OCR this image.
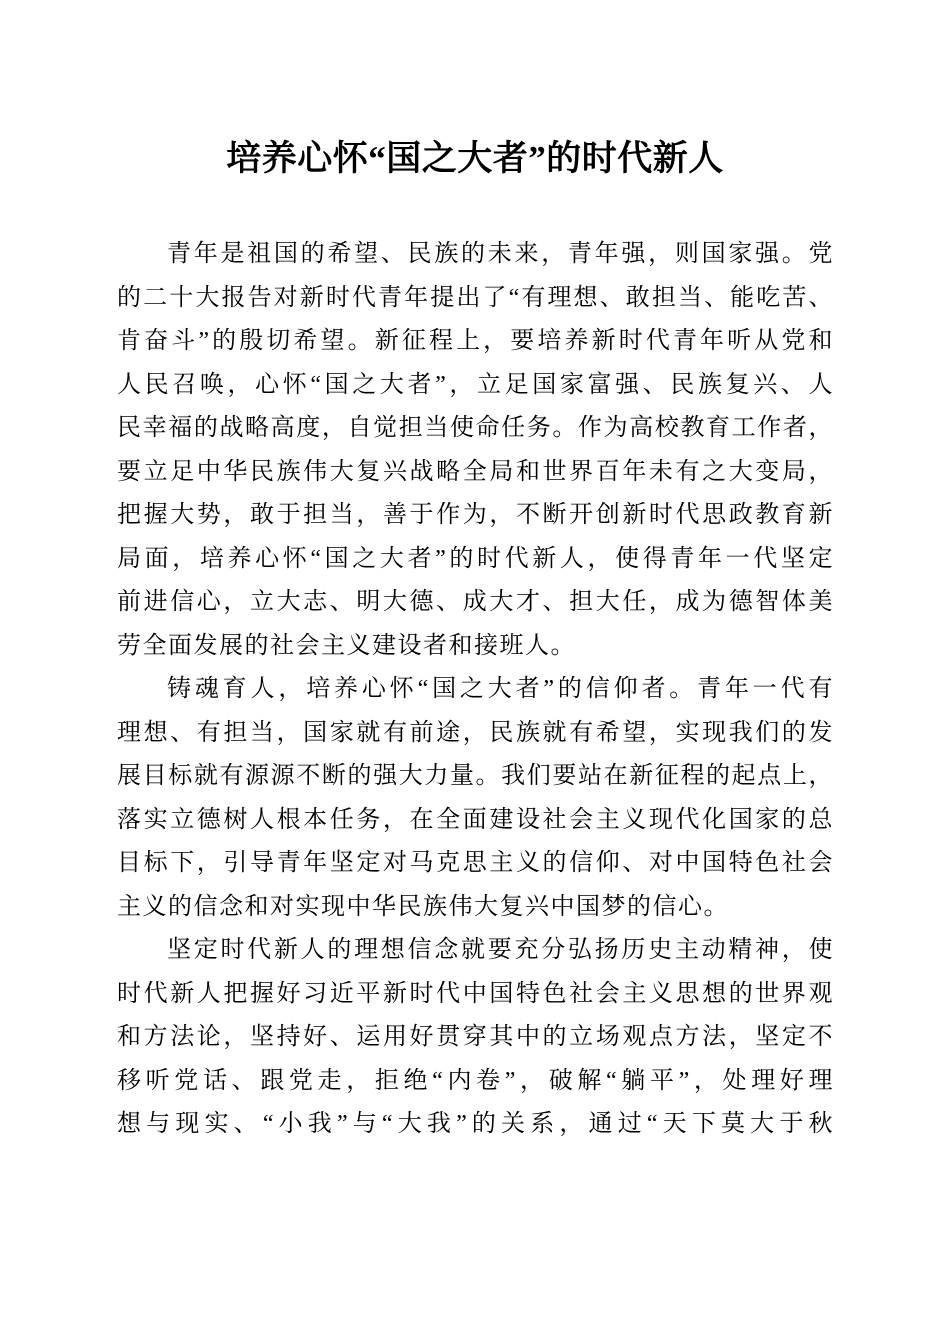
培养心怀“国之大者”的时代新人
青年是祖国的希望、民族的未来，青年强，则国家强。党
的二十大报告对新时代青年提出了“有理想、敢担当、能吃苦、
肯奋斗”的殷切希望。新征程上，要培养新时代青年听从党和
人民召唤，心怀“国之大者”，立足国家富强、民族复兴、人
民幸福的战略高度，自觉担当使命任务。作为高校教育工作者，
要立足中华民族伟大复兴战略全局和世界百年未有之大变局，
把握大势，敢于担当，善于作为，不断开创新时代思政教育新
局面，培养心怀“国之大者”的时代新人，使得青年一代坚定
前进信心，立大志、明大德、成大才、担大任，成为德智体美
劳全面发展的社会主义建设者和接班人。
铸魂育人，培养心怀“国之大者”的信仰者。青年一代有
理想、有担当，国家就有前途，民族就有希望，实现我们的发
展目标就有源源不断的强大力量。我们要站在新征程的起点上，
落实立德树人根本任务，在全面建设社会主义现代化国家的总
目标下，引导青年坚定对马克思主义的信仰、对中国特色社会
主义的信念和对实现中华民族伟大复兴中国梦的信心。
坚定时代新人的理想信念就要充分弘扬历史主动精神，使
时代新人把握好习近平新时代中国特色社会主义思想的世界观
和方法论，坚持好、运用好贯穿其中的立场观点方法，坚定不
移听党话、跟党走，拒绝“内卷”，破解“躺平”，处理好理
想与现实、“小我”与“大我”的关系，通过“天下莫大于秋
